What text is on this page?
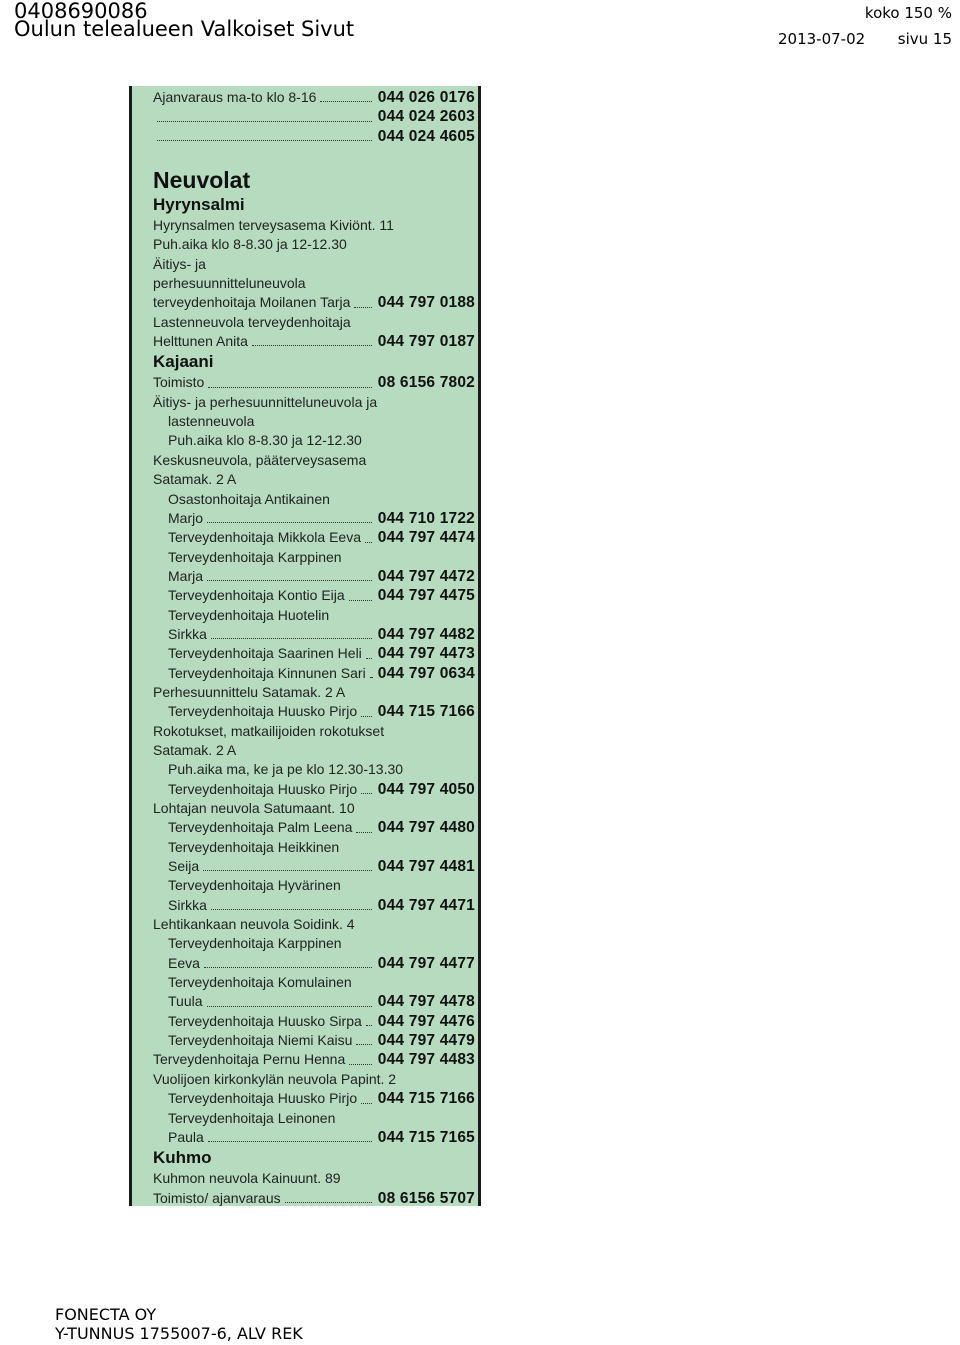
0408690086
Oulun telealueen Valkoiset Sivut
koko 150 %
2013-07-02 sivu 15
Ajanvaraus ma-to klo 8-16	044 026 0176
044 024 2603
044 024 4605
Neuvolat
Hyrynsalmi
Hyrynsalmen terveysasema Kiviönt. 11
Puh.aika klo 8-8.30 ja 12-12.30
Äitiys- ja
perhesuunnitteluneuvola
terveydenhoitaja Moilanen Tarja 044 797 0188
Lastenneuvola terveydenhoitaja
Helttunen Anita	044 797 0187
Kajaani
Toimisto	08 6156 7802
Äitiys- ja perhesuunnitteluneuvola ja
lastenneuvola
Puh.aika klo 8-8.30 ja 12-12.30
Keskusneuvola, pääterveysasema
Satamak. 2 A
Osastonhoitaja Antikainen
Marjo	044 710 1722
Terveydenhoitaja Mikkola Eeva 044 797 4474
Terveydenhoitaja Karppinen
Marja	044 797 4472
Terveydenhoitaja Kontio Eija 044 797 4475
Terveydenhoitaja Huotelin
Sirkka	044 797 4482
Terveydenhoitaja Saarinen Heli 044 797 4473
Terveydenhoitaja Kinnunen Sari 044 797 0634
Perhesuunnittelu Satamak. 2 A
Terveydenhoitaja Huusko Pirjo 044 715 7166
Rokotukset, matkailijoiden rokotukset
Satamak. 2 A
Puh.aika ma, ke ja pe klo 12.30-13.30
Terveydenhoitaja Huusko Pirjo 044 797 4050
Lohtajan neuvola Satumaant. 10
Terveydenhoitaja Palm Leena 044 797 4480
Terveydenhoitaja Heikkinen
Seija	044 797 4481
Terveydenhoitaja Hyvärinen
Sirkka	044 797 4471
Lehtikankaan neuvola Soidink. 4
Terveydenhoitaja Karppinen
Eeva	044 797 4477
Terveydenhoitaja Komulainen
Tuula	044 797 4478
Terveydenhoitaja Huusko Sirpa 044 797 4476
Terveydenhoitaja Niemi Kaisu 044 797 4479
Terveydenhoitaja Pernu Henna 044 797 4483
Vuolijoen kirkonkylän neuvola Papint. 2
Terveydenhoitaja Huusko Pirjo 044 715 7166
Terveydenhoitaja Leinonen
Paula	044 715 7165
Kuhmo
Kuhmon neuvola Kainuunt. 89
Toimisto/ ajanvaraus	08 6156 5707
FONECTA OY
Y-TUNNUS 1755007-6, ALV REK
